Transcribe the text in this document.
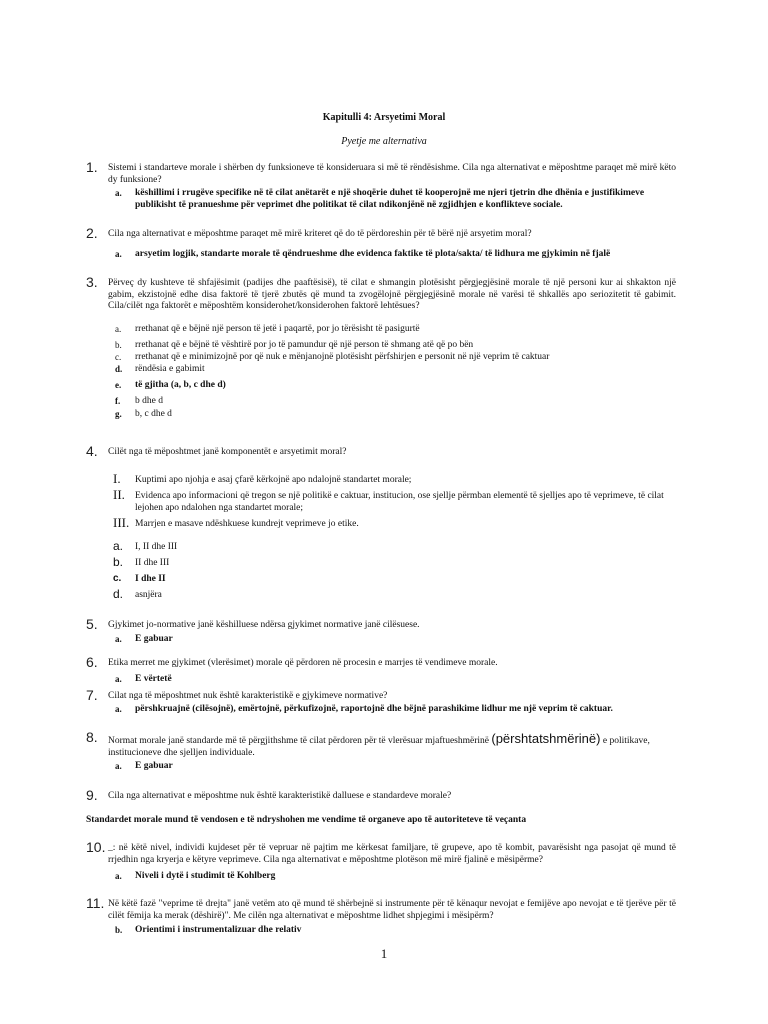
Kapitulli 4: Arsyetimi Moral
Pyetje me alternativa
1. Sistemi i standarteve morale i shërben dy funksioneve të konsideruara si më të rëndësishme. Cila nga alternativat e mëposhtme paraqet më mirë këto dy funksione?
a. këshillimi i rrugëve specifike në të cilat anëtarët e një shoqërie duhet të kooperojnë me njeri tjetrin dhe dhënia e justifikimeve publikisht të pranueshme për veprimet dhe politikat të cilat ndikonjënë në zgjidhjen e konflikteve sociale.
2. Cila nga alternativat e mëposhtme paraqet më mirë kriteret që do të përdoreshin për të bërë një arsyetim moral?
a. arsyetim logjik, standarte morale të qëndrueshme dhe evidenca faktike të plota/sakta/ të lidhura me gjykimin në fjalë
3. Përveç dy kushteve të shfajësimit (padijes dhe paaftësisë), të cilat e shmangin plotësisht përgjegjësinë morale të një personi kur ai shkakton një gabim, ekzistojnë edhe disa faktorë të tjerë zbutës që mund ta zvogëlojnë përgjegjësinë morale në varësi të shkallës apo seriozitetit të gabimit. Cila/cilët nga faktorët e mëposhtëm konsiderohet/konsiderohen faktorë lehtësues?
a. rrethanat që e bëjnë një person të jetë i paqartë, por jo tërësisht të pasigurtë
b. rrethanat që e bëjnë të vështirë por jo të pamundur që një person të shmang atë që po bën
c. rrethanat që e minimizojnë por që nuk e mënjanojnë plotësisht përfshirjen e personit në një veprim të caktuar
d. rëndësia e gabimit
e. të gjitha (a, b, c dhe d)
f. b dhe d
g. b, c dhe d
4. Cilët nga të mëposhtmet janë komponentët e arsyetimit moral?
I. Kuptimi apo njohja e asaj çfarë kërkojnë apo ndalojnë standartet morale;
II. Evidenca apo informacioni që tregon se një politikë e caktuar, institucion, ose sjellje përmban elementë të sjelljes apo të veprimeve, të cilat lejohen apo ndalohen nga standartet morale;
III. Marrjen e masave ndëshkuese kundrejt veprimeve jo etike.
a. I, II dhe III
b. II dhe III
c. I dhe II
d. asnjëra
5. Gjykimet jo-normative janë këshilluese ndërsa gjykimet normative janë cilësuese.
a. E gabuar
6. Etika merret me gjykimet (vlerësimet) morale që përdoren në procesin e marrjes të vendimeve morale.
a. E vërtetë
7. Cilat nga të mëposhtmet nuk është karakteristikë e gjykimeve normative?
a. përshkruajnë (cilësojnë), emërtojnë, përkufizojnë, raportojnë dhe bëjnë parashikime lidhur me një veprim të caktuar.
8. Normat morale janë standarde më të përgjithshme të cilat përdoren për të vlerësuar mjaftueshmërinë (përshtatshmërinë) e politikave, institucioneve dhe sjelljen individuale.
a. E gabuar
9. Cila nga alternativat e mëposhtme nuk është karakteristikë dalluese e standardeve morale?
Standardet morale mund të vendosen e të ndryshohen me vendime të organeve apo të autoriteteve të veçanta
10. _: në këtë nivel, individi kujdeset për të vepruar në pajtim me kërkesat familjare, të grupeve, apo të kombit, pavarësisht nga pasojat që mund të rrjedhin nga kryerja e këtyre veprimeve. Cila nga alternativat e mëposhtme plotëson më mirë fjalinë e mësipërme?
a. Niveli i dytë i studimit të Kohlberg
11. Në këtë fazë "veprime të drejta" janë vetëm ato që mund të shërbejnë si instrumente për të kënaqur nevojat e femijëve apo nevojat e të tjerëve për të cilët fëmija ka merak (dëshirë)". Me cilën nga alternativat e mëposhtme lidhet shpjegimi i mësipërm?
b. Orientimi i instrumentalizuar dhe relativ
1
